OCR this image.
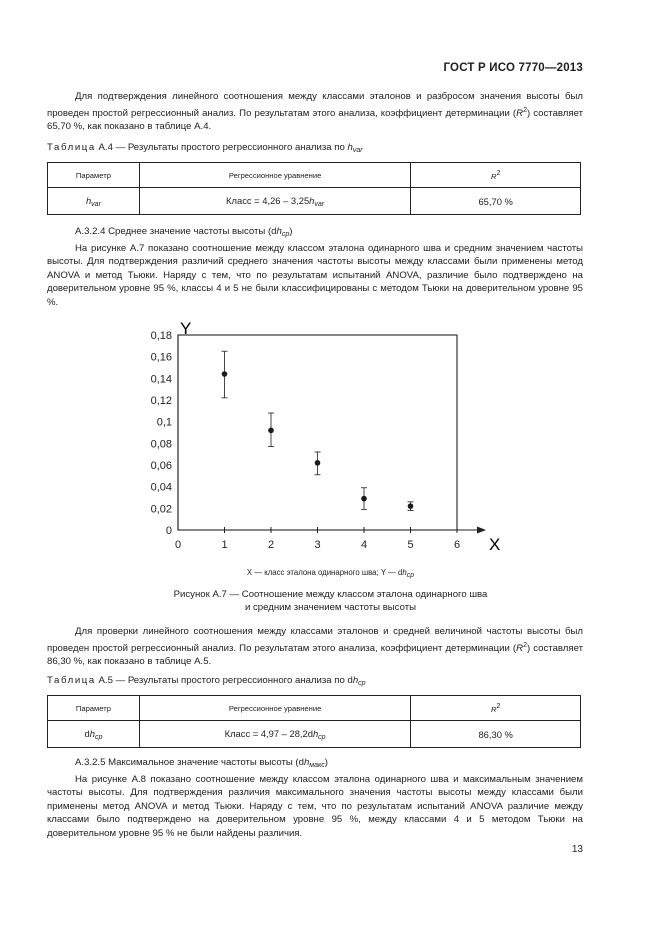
ГОСТ Р ИСО 7770—2013

Для подтверждения линейного соотношения между классами эталонов и разбросом значения высоты был проведен простой регрессионный анализ. По результатам этого анализа, коэффициент детерминации $(R^2)$ составляет 65,70 %, как показано в таблице А.4.

Таблица А.4 — Результаты простого регрессионного анализа по $h_{var}$
Параметр	Регрессионное уравнение	R2
$h_{var}$	Класс = $4,26 - 3,25h_{var}$	65,70 %

А.3.2.4 Среднее значение частоты высоты $(dh_{ср})$

На рисунке А.7 показано соотношение между классом эталона одинарного шва и средним значением частоты высоты. Для подтверждения различий среднего значения частоты высоты между классами были применены метод ANOVA и метод Тьюки. Наряду с тем, что по результатам испытаний ANOVA, различие было подтверждено на доверительном уровне 95 %, классы 4 и 5 не были классифицированы с методом Тьюки на доверительном уровне 95 %.

0
0,02
0,04
0,06
0,08
0,1
0,12
0,14
0,16
0,18
0	1	2	3	4	5	6
Y
X
X — класс эталона одинарного шва; Y — dhср
Рисунок А.7 — Соотношение между классом эталона одинарного шва
и средним значением частоты высоты

Для проверки линейного соотношения между классами эталонов и средней величиной частоты высоты был проведен простой регрессионный анализ. По результатам этого анализа, коэффициент детерминации $(R^2)$ составляет 86,30 %, как показано в таблице А.5.

Таблица А.5 — Результаты простого регрессионного анализа по $dh_{ср}$
Параметр	Регрессионное уравнение	R2
$dh_{ср}$	Класс = $4,97 - 28,2dh_{ср}$	86,30 %

А.3.2.5 Максимальное значение частоты высоты $(dh_{макс})$

На рисунке А.8 показано соотношение между классом эталона одинарного шва и максимальным значением частоты высоты. Для подтверждения различия максимального значения частоты высоты между классами были применены метод ANOVA и метод Тьюки. Наряду с тем, что по результатам испытаний ANOVA различие между классами было подтверждено на доверительном уровне 95 %, между классами 4 и 5 методом Тьюки на доверительном уровне 95 % не были найдены различия.

13
